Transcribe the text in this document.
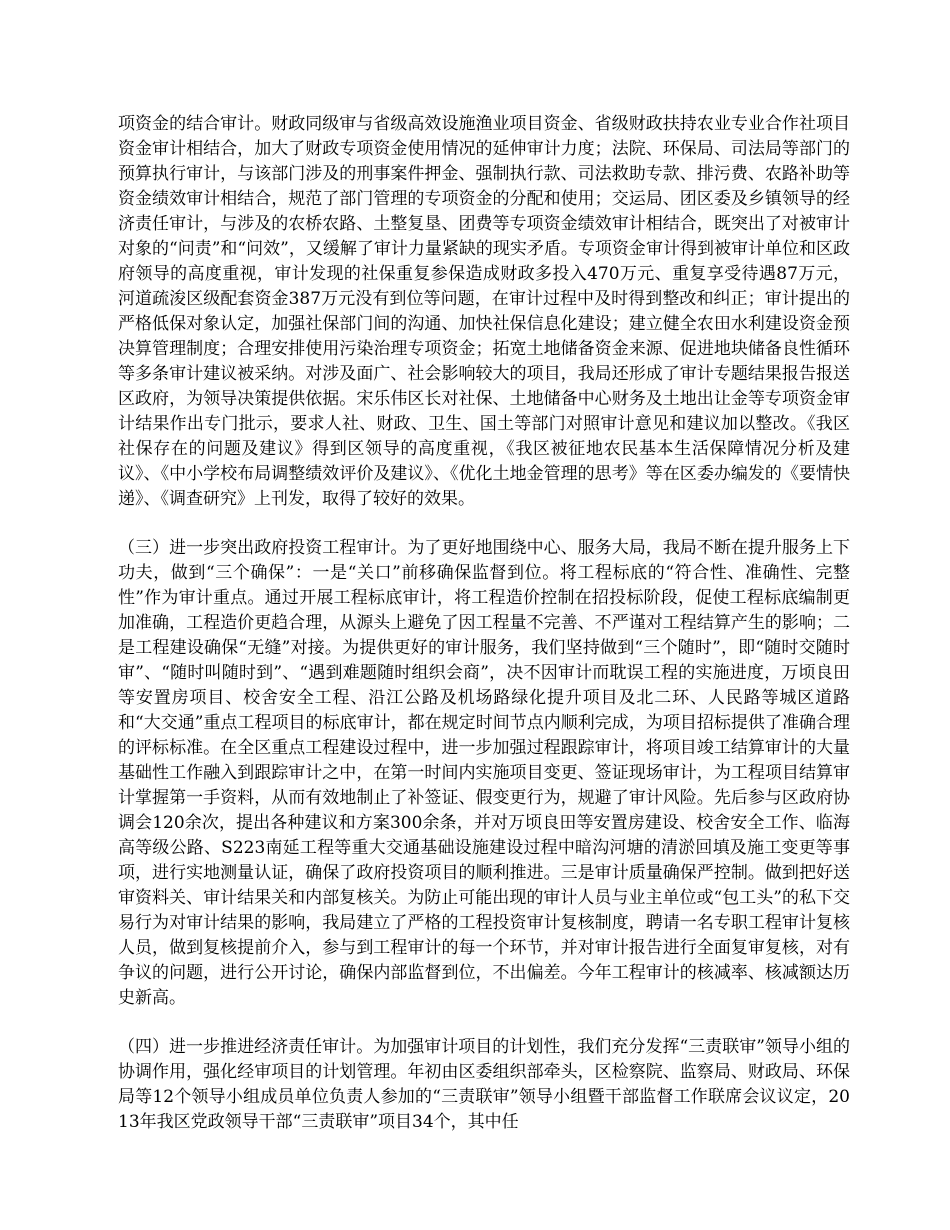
项资金的结合审计。财政同级审与省级高效设施渔业项目资金、省级财政扶持农业专业合作社项目资金审计相结合，加大了财政专项资金使用情况的延伸审计力度；法院、环保局、司法局等部门的预算执行审计，与该部门涉及的刑事案件押金、强制执行款、司法救助专款、排污费、农路补助等资金绩效审计相结合，规范了部门管理的专项资金的分配和使用；交运局、团区委及乡镇领导的经济责任审计，与涉及的农桥农路、土整复垦、团费等专项资金绩效审计相结合，既突出了对被审计对象的“问责”和“问效”，又缓解了审计力量紧缺的现实矛盾。专项资金审计得到被审计单位和区政府领导的高度重视，审计发现的社保重复参保造成财政多投入470万元、重复享受待遇87万元，河道疏浚区级配套资金387万元没有到位等问题，在审计过程中及时得到整改和纠正；审计提出的严格低保对象认定，加强社保部门间的沟通、加快社保信息化建设；建立健全农田水利建设资金预决算管理制度；合理安排使用污染治理专项资金；拓宽土地储备资金来源、促进地块储备良性循环等多条审计建议被采纳。对涉及面广、社会影响较大的项目，我局还形成了审计专题结果报告报送区政府，为领导决策提供依据。宋乐伟区长对社保、土地储备中心财务及土地出让金等专项资金审计结果作出专门批示，要求人社、财政、卫生、国土等部门对照审计意见和建议加以整改。《我区社保存在的问题及建议》得到区领导的高度重视，《我区被征地农民基本生活保障情况分析及建议》、《中小学校布局调整绩效评价及建议》、《优化土地金管理的思考》等在区委办编发的《要情快递》、《调查研究》上刊发，取得了较好的效果。

（三）进一步突出政府投资工程审计。为了更好地围绕中心、服务大局，我局不断在提升服务上下功夫，做到“三个确保”：一是“关口”前移确保监督到位。将工程标底的“符合性、准确性、完整性”作为审计重点。通过开展工程标底审计，将工程造价控制在招投标阶段，促使工程标底编制更加准确，工程造价更趋合理，从源头上避免了因工程量不完善、不严谨对工程结算产生的影响；二是工程建设确保“无缝”对接。为提供更好的审计服务，我们坚持做到“三个随时”，即“随时交随时审”、“随时叫随时到”、“遇到难题随时组织会商”，决不因审计而耽误工程的实施进度，万顷良田等安置房项目、校舍安全工程、沿江公路及机场路绿化提升项目及北二环、人民路等城区道路和“大交通”重点工程项目的标底审计，都在规定时间节点内顺利完成，为项目招标提供了准确合理的评标标准。在全区重点工程建设过程中，进一步加强过程跟踪审计，将项目竣工结算审计的大量基础性工作融入到跟踪审计之中，在第一时间内实施项目变更、签证现场审计，为工程项目结算审计掌握第一手资料，从而有效地制止了补签证、假变更行为，规避了审计风险。先后参与区政府协调会120余次，提出各种建议和方案300余条，并对万顷良田等安置房建设、校舍安全工作、临海高等级公路、S223南延工程等重大交通基础设施建设过程中暗沟河塘的清淤回填及施工变更等事项，进行实地测量认证，确保了政府投资项目的顺利推进。三是审计质量确保严控制。做到把好送审资料关、审计结果关和内部复核关。为防止可能出现的审计人员与业主单位或“包工头”的私下交易行为对审计结果的影响，我局建立了严格的工程投资审计复核制度，聘请一名专职工程审计复核人员，做到复核提前介入，参与到工程审计的每一个环节，并对审计报告进行全面复审复核，对有争议的问题，进行公开讨论，确保内部监督到位，不出偏差。今年工程审计的核减率、核减额达历史新高。

（四）进一步推进经济责任审计。为加强审计项目的计划性，我们充分发挥“三责联审”领导小组的协调作用，强化经审项目的计划管理。年初由区委组织部牵头，区检察院、监察局、财政局、环保局等12个领导小组成员单位负责人参加的“三责联审”领导小组暨干部监督工作联席会议议定，2013年我区党政领导干部“三责联审”项目34个，其中任
